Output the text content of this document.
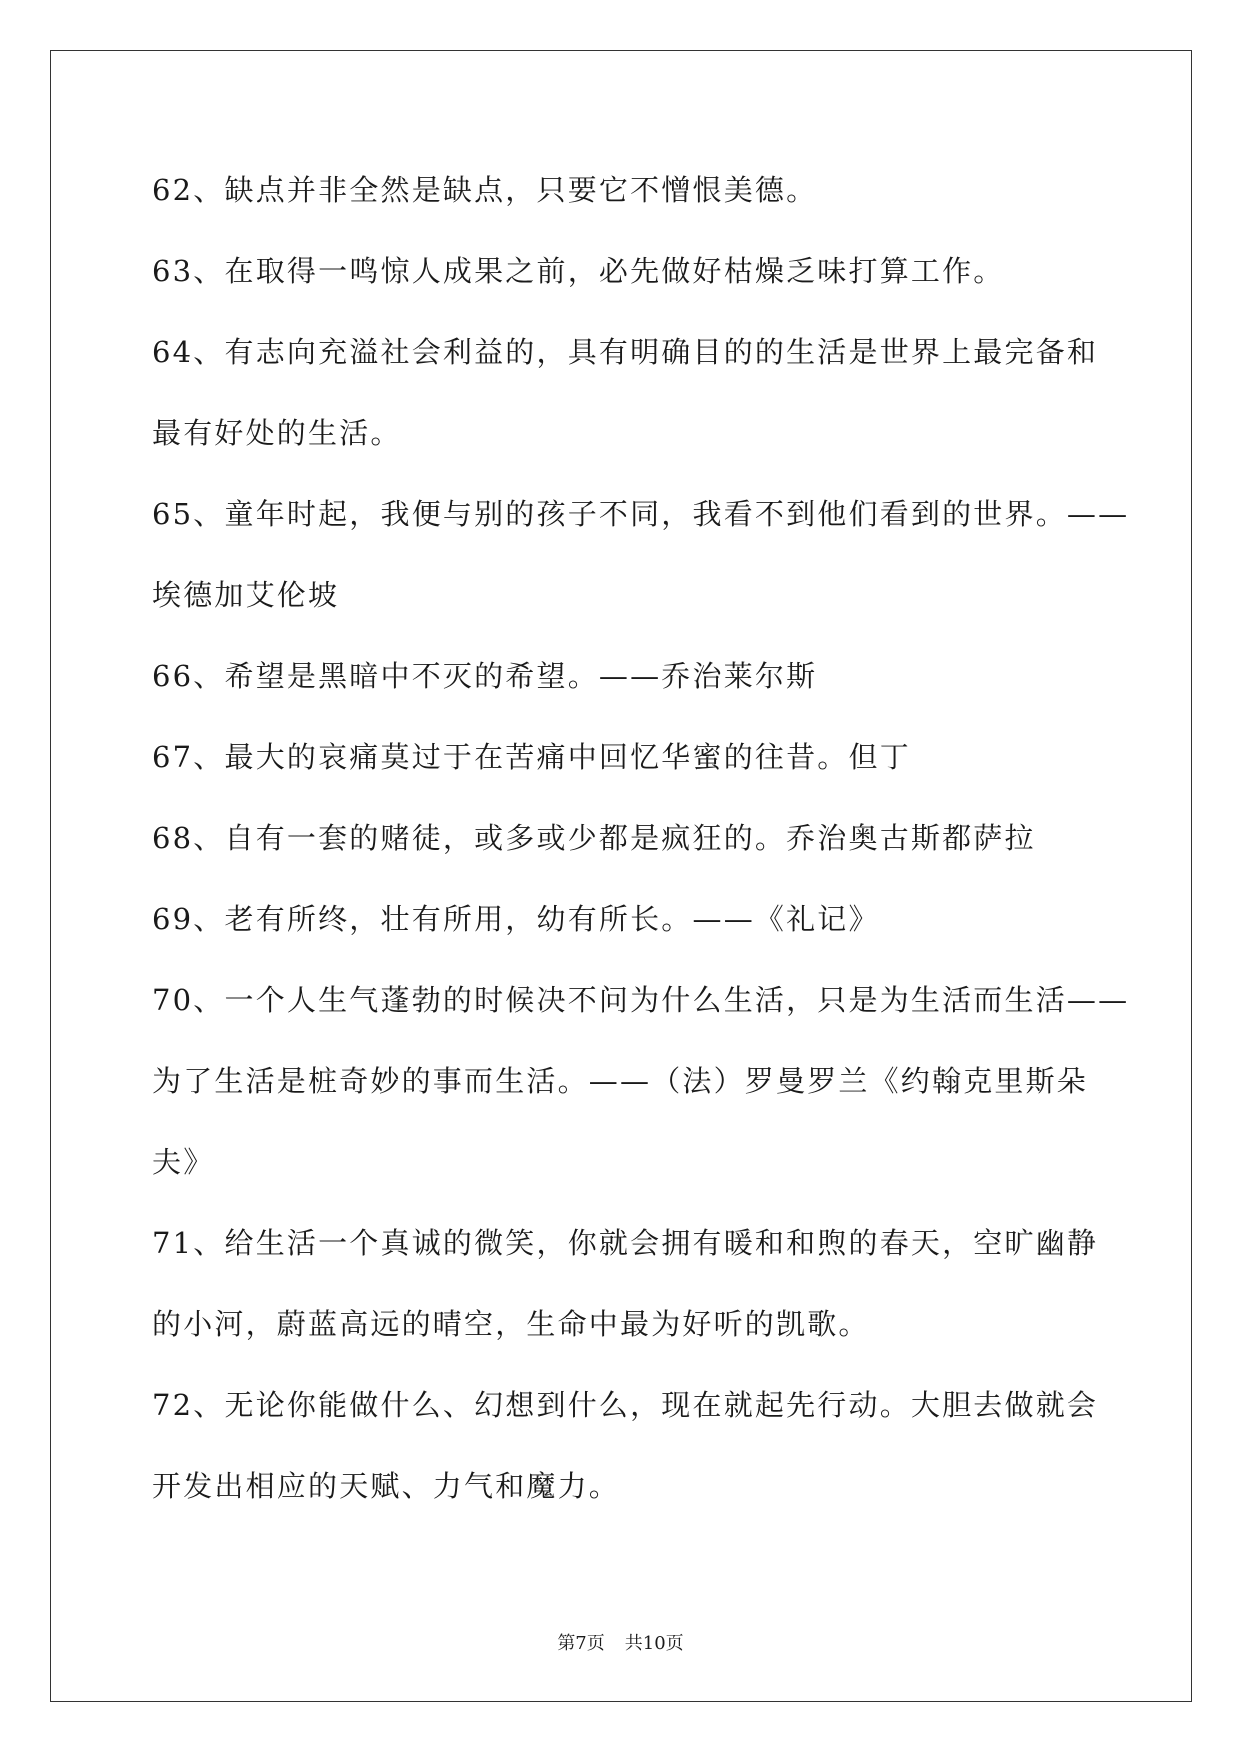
62、缺点并非全然是缺点，只要它不憎恨美德。

63、在取得一鸣惊人成果之前，必先做好枯燥乏味打算工作。

64、有志向充溢社会利益的，具有明确目的的生活是世界上最完备和

最有好处的生活。

65、童年时起，我便与别的孩子不同，我看不到他们看到的世界。——

埃德加艾伦坡

66、希望是黑暗中不灭的希望。——乔治莱尔斯

67、最大的哀痛莫过于在苦痛中回忆华蜜的往昔。但丁

68、自有一套的赌徒，或多或少都是疯狂的。乔治奥古斯都萨拉

69、老有所终，壮有所用，幼有所长。——《礼记》

70、一个人生气蓬勃的时候决不问为什么生活，只是为生活而生活——

为了生活是桩奇妙的事而生活。——（法）罗曼罗兰《约翰克里斯朵

夫》

71、给生活一个真诚的微笑，你就会拥有暖和和煦的春天，空旷幽静

的小河，蔚蓝高远的晴空，生命中最为好听的凯歌。

72、无论你能做什么、幻想到什么，现在就起先行动。大胆去做就会

开发出相应的天赋、力气和魔力。

第7页 共10页
